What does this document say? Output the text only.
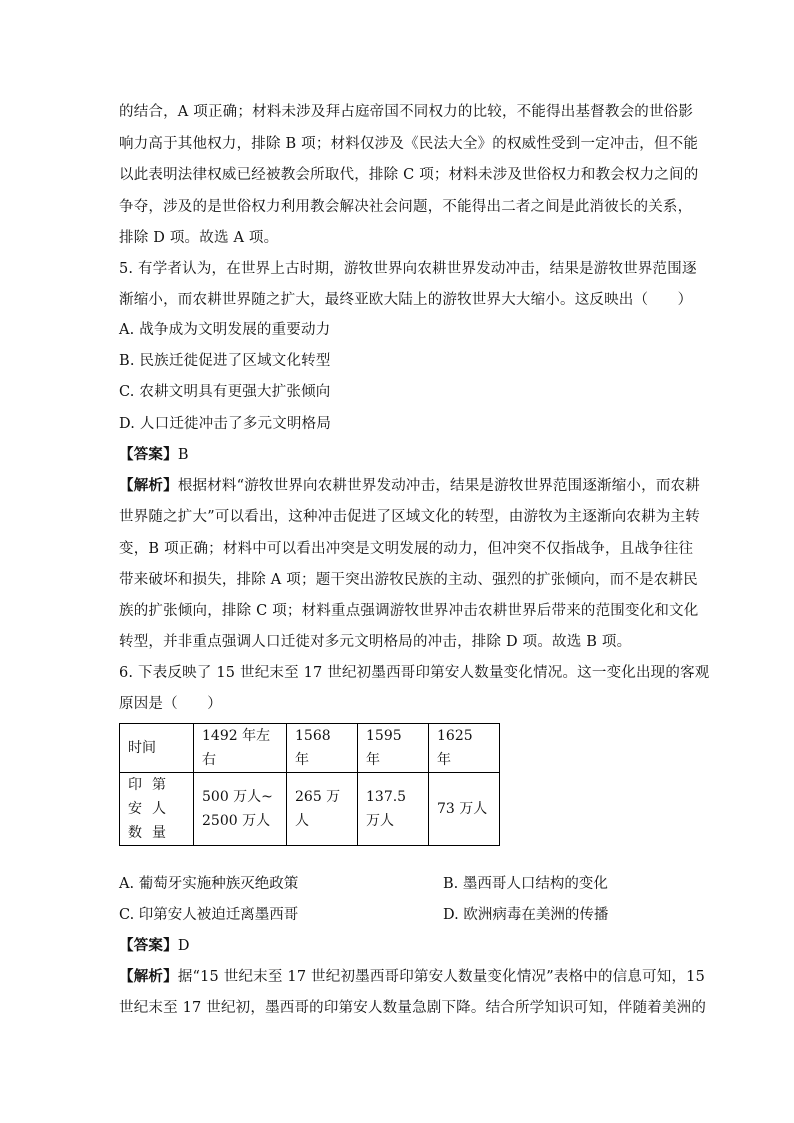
的结合，A 项正确；材料未涉及拜占庭帝国不同权力的比较，不能得出基督教会的世俗影
响力高于其他权力，排除 B 项；材料仅涉及《民法大全》的权威性受到一定冲击，但不能
以此表明法律权威已经被教会所取代，排除 C 项；材料未涉及世俗权力和教会权力之间的
争夺，涉及的是世俗权力利用教会解决社会问题，不能得出二者之间是此消彼长的关系，
排除 D 项。故选 A 项。
5. 有学者认为，在世界上古时期，游牧世界向农耕世界发动冲击，结果是游牧世界范围逐
渐缩小，而农耕世界随之扩大，最终亚欧大陆上的游牧世界大大缩小。这反映出（　　）
A. 战争成为文明发展的重要动力
B. 民族迁徙促进了区域文化转型
C. 农耕文明具有更强大扩张倾向
D. 人口迁徙冲击了多元文明格局
【答案】B
【解析】根据材料“游牧世界向农耕世界发动冲击，结果是游牧世界范围逐渐缩小，而农耕
世界随之扩大”可以看出，这种冲击促进了区域文化的转型，由游牧为主逐渐向农耕为主转
变，B 项正确；材料中可以看出冲突是文明发展的动力，但冲突不仅指战争，且战争往往
带来破坏和损失，排除 A 项；题干突出游牧民族的主动、强烈的扩张倾向，而不是农耕民
族的扩张倾向，排除 C 项；材料重点强调游牧世界冲击农耕世界后带来的范围变化和文化
转型，并非重点强调人口迁徙对多元文明格局的冲击，排除 D 项。故选 B 项。
6. 下表反映了 15 世纪末至 17 世纪初墨西哥印第安人数量变化情况。这一变化出现的客观
原因是（　　）
时间	1492 年左右	1568 年	1595 年	1625 年

印第安人数量	500 万人~2500 万人	265 万人	137.5 万人	73 万人
A. 葡萄牙实施种族灭绝政策	B. 墨西哥人口结构的变化
C. 印第安人被迫迁离墨西哥	D. 欧洲病毒在美洲的传播
【答案】D
【解析】据“15 世纪末至 17 世纪初墨西哥印第安人数量变化情况”表格中的信息可知，15
世纪末至 17 世纪初，墨西哥的印第安人数量急剧下降。结合所学知识可知，伴随着美洲的
